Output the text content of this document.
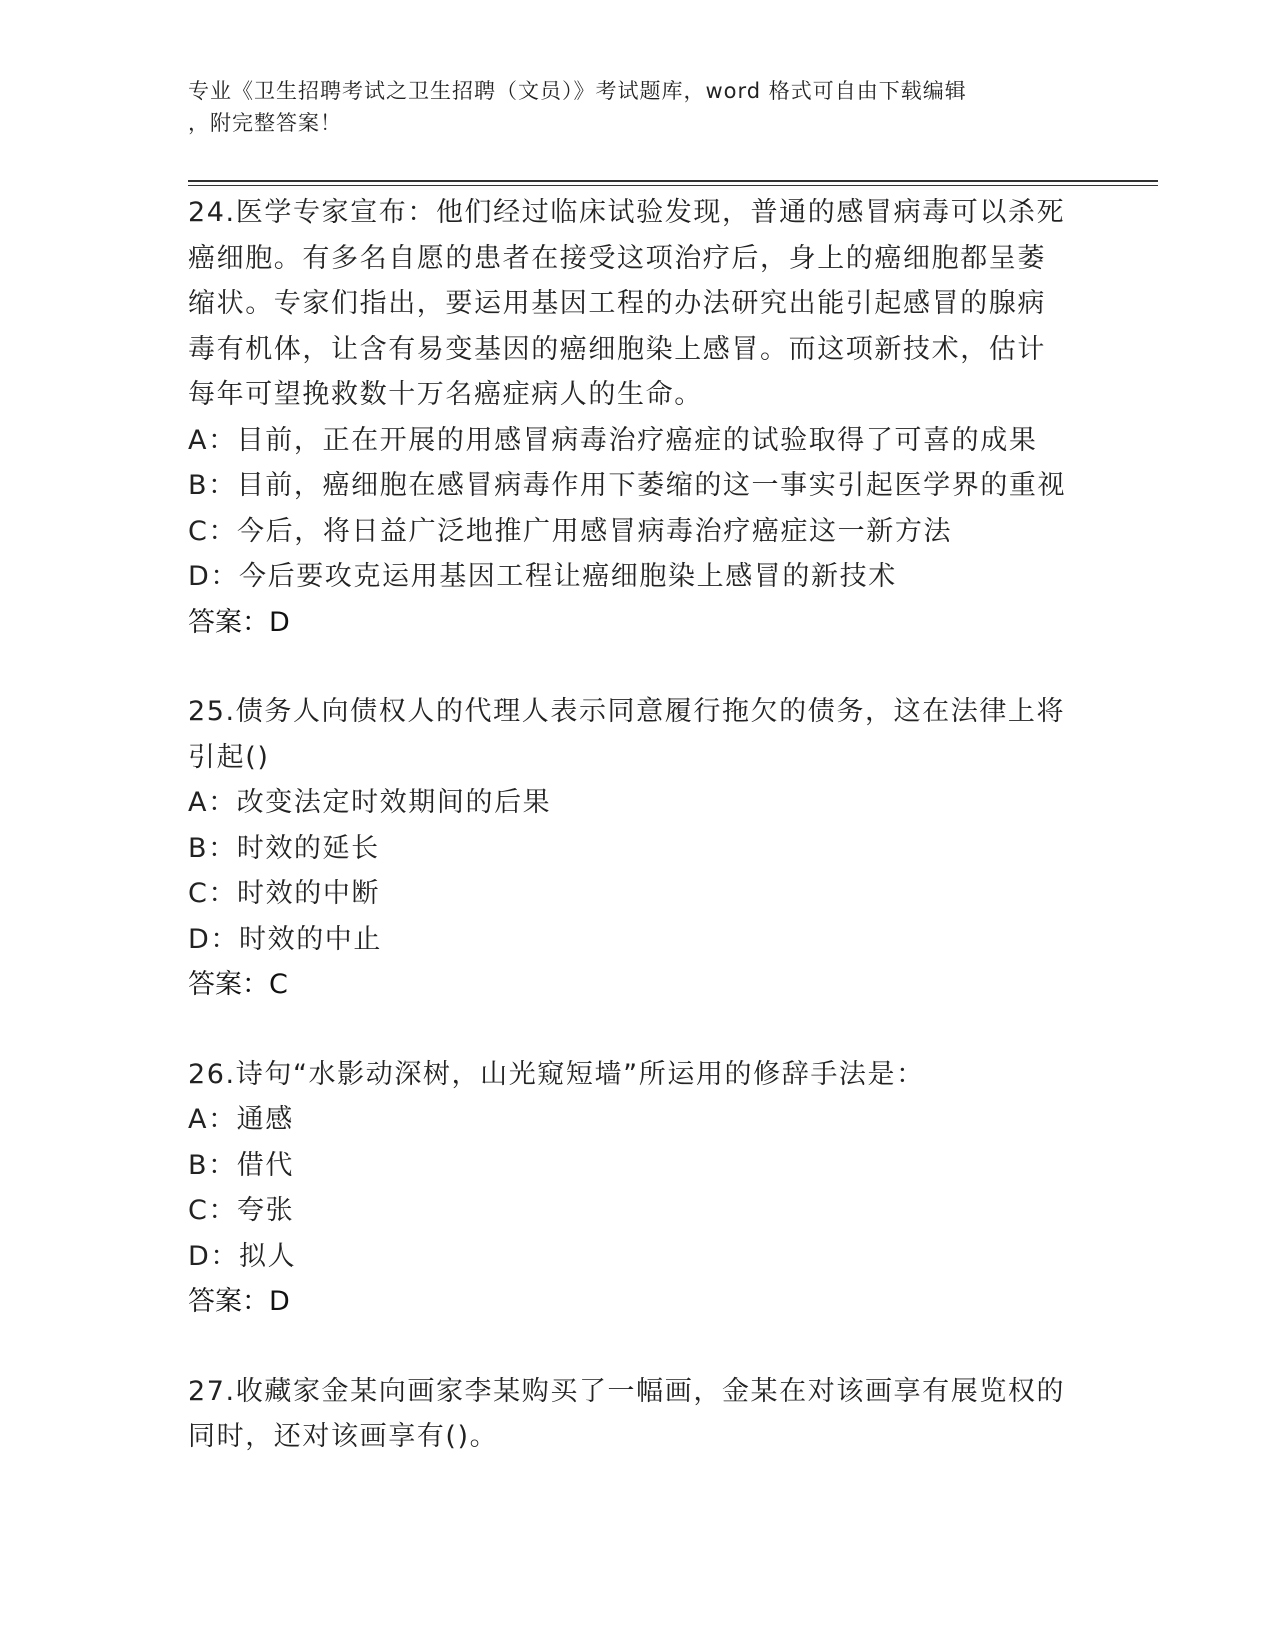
专业《卫生招聘考试之卫生招聘（文员）》考试题库，word 格式可自由下载编辑
，附完整答案！
24.医学专家宣布：他们经过临床试验发现，普通的感冒病毒可以杀死
癌细胞。有多名自愿的患者在接受这项治疗后，身上的癌细胞都呈萎
缩状。专家们指出，要运用基因工程的办法研究出能引起感冒的腺病
毒有机体，让含有易变基因的癌细胞染上感冒。而这项新技术，估计
每年可望挽救数十万名癌症病人的生命。
A：目前，正在开展的用感冒病毒治疗癌症的试验取得了可喜的成果
B：目前，癌细胞在感冒病毒作用下萎缩的这一事实引起医学界的重视
C：今后，将日益广泛地推广用感冒病毒治疗癌症这一新方法
D：今后要攻克运用基因工程让癌细胞染上感冒的新技术
答案：D
25.债务人向债权人的代理人表示同意履行拖欠的债务，这在法律上将
引起()
A：改变法定时效期间的后果
B：时效的延长
C：时效的中断
D：时效的中止
答案：C
26.诗句“水影动深树，山光窥短墙”所运用的修辞手法是：
A：通感
B：借代
C：夸张
D：拟人
答案：D
27.收藏家金某向画家李某购买了一幅画，金某在对该画享有展览权的
同时，还对该画享有()。
